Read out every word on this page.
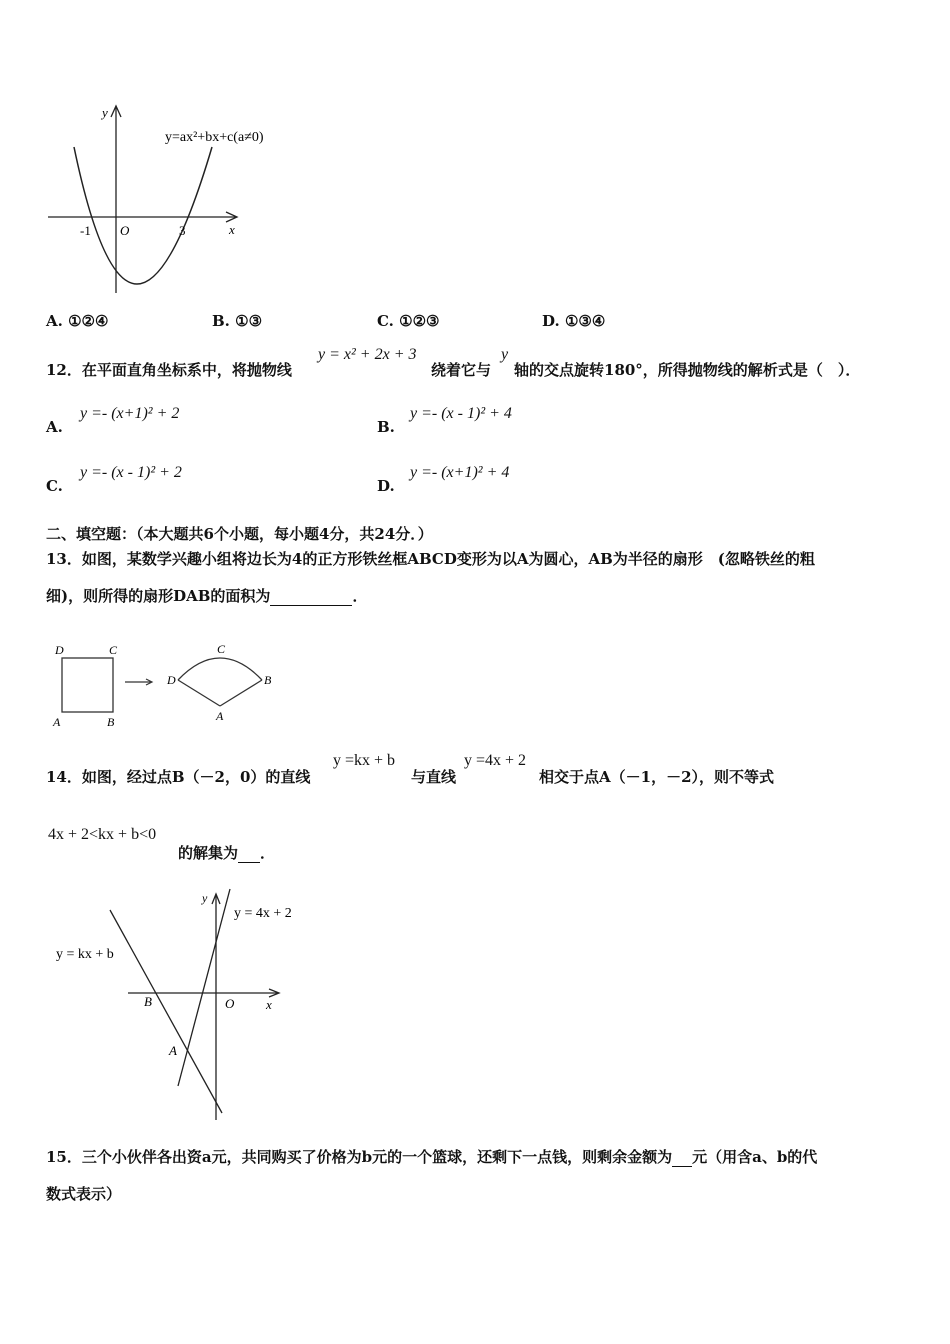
y
x
O
-1	3
y=ax²+bx+c(a≠0)
A. ①②④	B. ①③	C. ①②③	D. ①③④
12．在平面直角坐标系中，将抛物线
y = x² + 2x + 3
绕着它与
y
轴的交点旋转180°，所得抛物线的解析式是（　）．
A.
y =- (x+1)² + 2
B.
y =- (x - 1)² + 4
C.
y =- (x - 1)² + 2
D.
y =- (x+1)² + 4
二、填空题：（本大题共6个小题，每小题4分，共24分．）
13．如图，某数学兴趣小组将边长为4的正方形铁丝框ABCD变形为以A为圆心，AB为半径的扇形　(忽略铁丝的粗
细)，则所得的扇形DAB的面积为	．
D	C
A	B
C
D	B
A
14．如图，经过点B（－2，0）的直线
y =kx + b
与直线
y =4x + 2
相交于点A（－1，－2），则不等式
4x + 2<kx + b<0
的解集为 ．
y
x
O
B
A
y = kx + b
y = 4x + 2
15．三个小伙伴各出资a元，共同购买了价格为b元的一个篮球，还剩下一点钱，则剩余金额为 元（用含a、b的代
数式表示）
